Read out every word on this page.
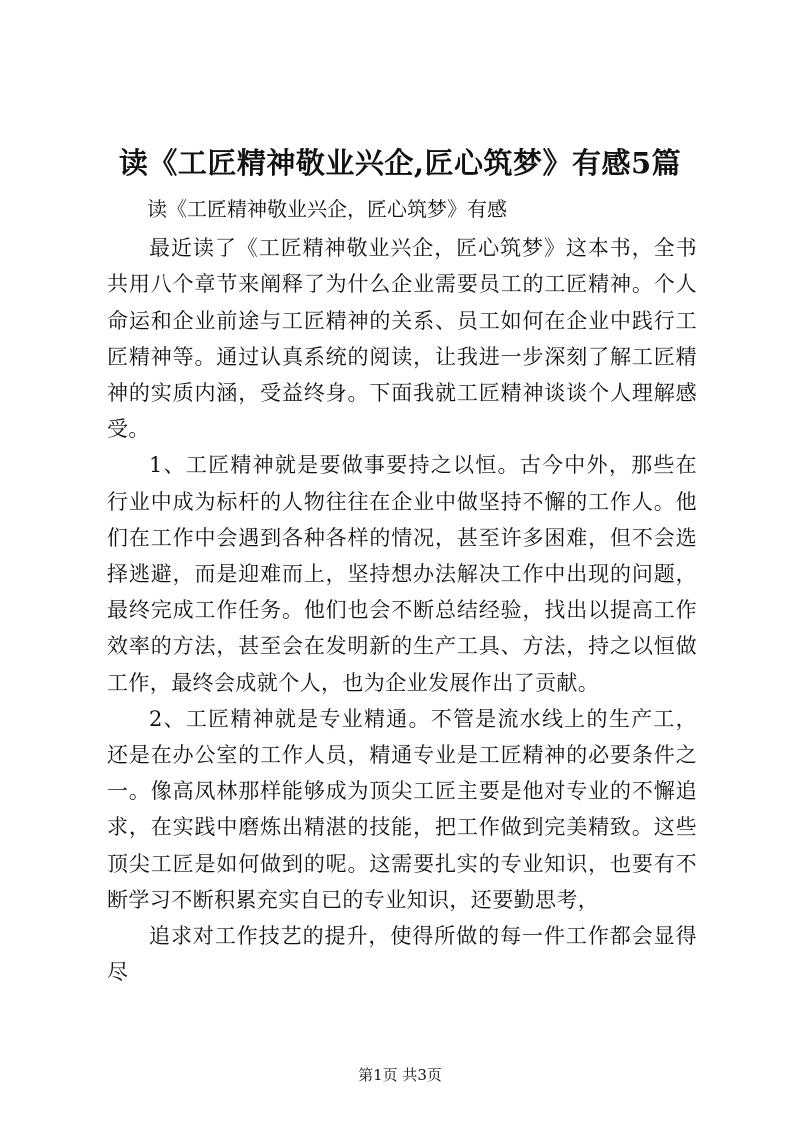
读《工匠精神敬业兴企,匠心筑梦》有感5篇

读《工匠精神敬业兴企，匠心筑梦》有感

最近读了《工匠精神敬业兴企，匠心筑梦》这本书，全书共用八个章节来阐释了为什么企业需要员工的工匠精神。个人命运和企业前途与工匠精神的关系、员工如何在企业中践行工匠精神等。通过认真系统的阅读，让我进一步深刻了解工匠精神的实质内涵，受益终身。下面我就工匠精神谈谈个人理解感受。

1、工匠精神就是要做事要持之以恒。古今中外，那些在行业中成为标杆的人物往往在企业中做坚持不懈的工作人。他们在工作中会遇到各种各样的情况，甚至许多困难，但不会选择逃避，而是迎难而上，坚持想办法解决工作中出现的问题，最终完成工作任务。他们也会不断总结经验，找出以提高工作效率的方法，甚至会在发明新的生产工具、方法，持之以恒做工作，最终会成就个人，也为企业发展作出了贡献。

2、工匠精神就是专业精通。不管是流水线上的生产工，还是在办公室的工作人员，精通专业是工匠精神的必要条件之一。像高凤林那样能够成为顶尖工匠主要是他对专业的不懈追求，在实践中磨炼出精湛的技能，把工作做到完美精致。这些顶尖工匠是如何做到的呢。这需要扎实的专业知识，也要有不断学习不断积累充实自已的专业知识，还要勤思考，

追求对工作技艺的提升，使得所做的每一件工作都会显得尽

第1页 共3页
